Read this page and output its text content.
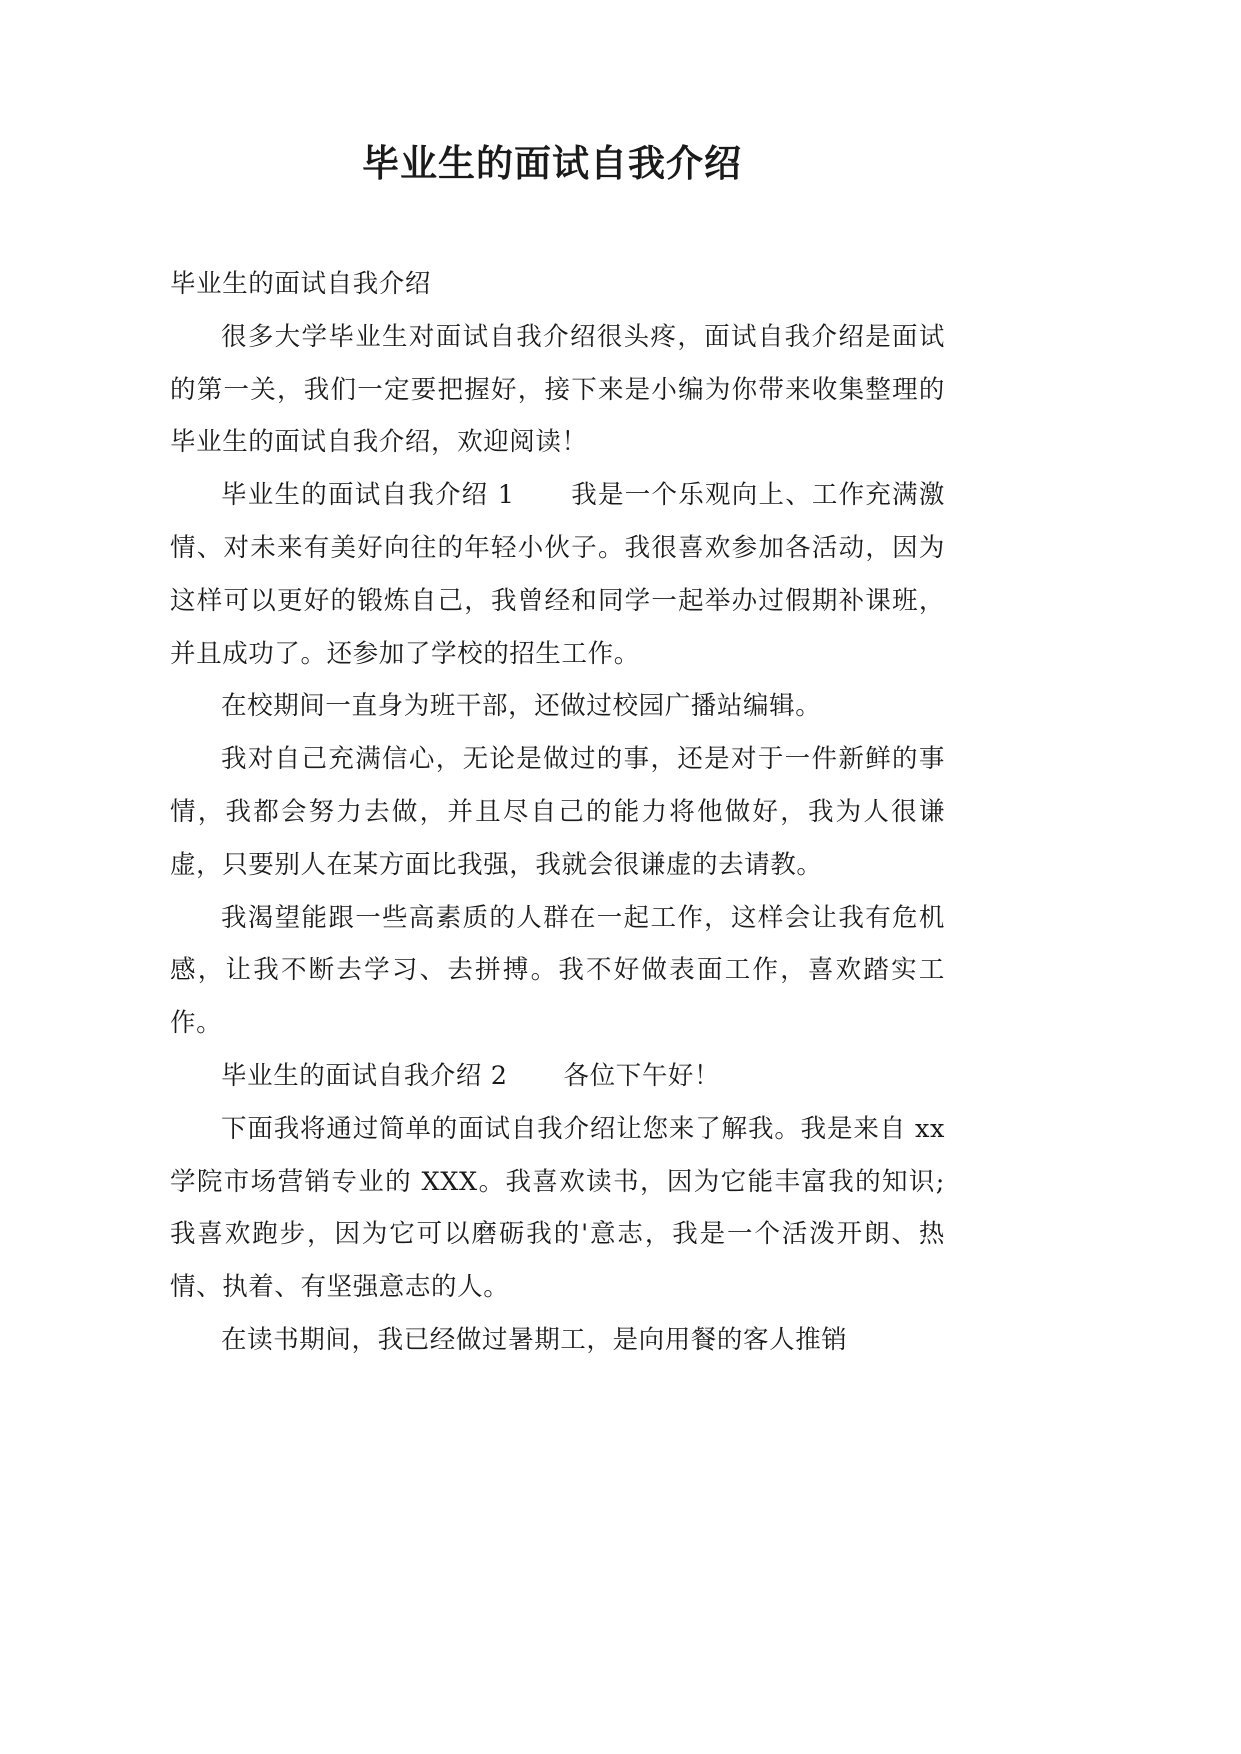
毕业生的面试自我介绍

毕业生的面试自我介绍

很多大学毕业生对面试自我介绍很头疼，面试自我介绍是面试的第一关，我们一定要把握好，接下来是小编为你带来收集整理的毕业生的面试自我介绍，欢迎阅读！

毕业生的面试自我介绍 1 我是一个乐观向上、工作充满激情、对未来有美好向往的年轻小伙子。我很喜欢参加各活动，因为这样可以更好的锻炼自己，我曾经和同学一起举办过假期补课班，并且成功了。还参加了学校的招生工作。

在校期间一直身为班干部，还做过校园广播站编辑。

我对自己充满信心，无论是做过的事，还是对于一件新鲜的事情，我都会努力去做，并且尽自己的能力将他做好，我为人很谦虚，只要别人在某方面比我强，我就会很谦虚的去请教。

我渴望能跟一些高素质的人群在一起工作，这样会让我有危机感，让我不断去学习、去拼搏。我不好做表面工作，喜欢踏实工作。

毕业生的面试自我介绍 2 各位下午好！

下面我将通过简单的面试自我介绍让您来了解我。我是来自 xx 学院市场营销专业的 XXX。我喜欢读书，因为它能丰富我的知识;我喜欢跑步，因为它可以磨砺我的'意志，我是一个活泼开朗、热情、执着、有坚强意志的人。

在读书期间，我已经做过暑期工，是向用餐的客人推销
